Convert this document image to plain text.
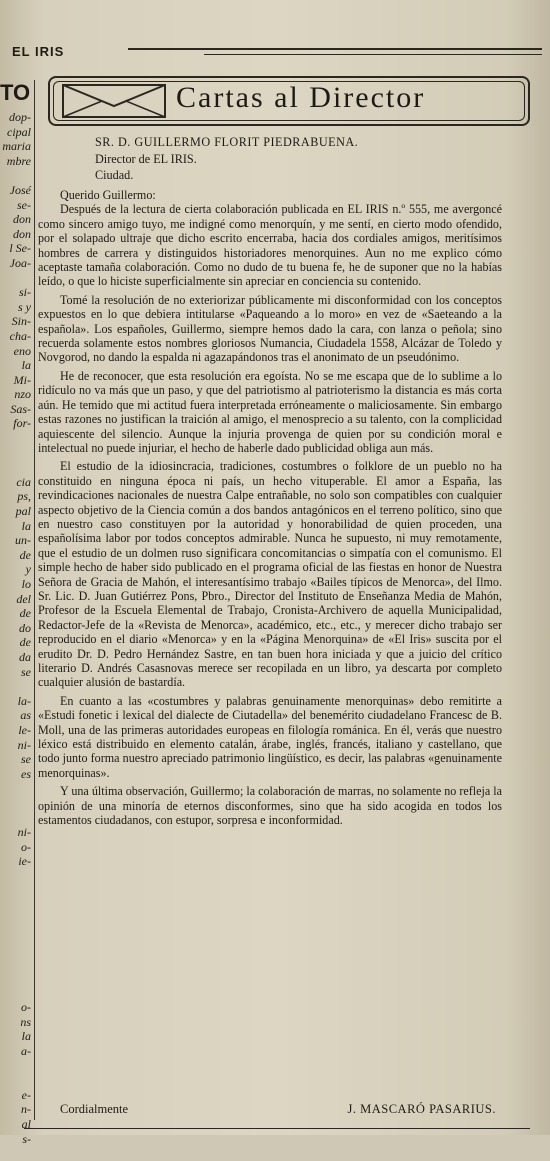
EL IRIS
TO
dop-
cipal
maria
mbre

José
se-
don
don
l Se-
Joa-

si-
s y
Sin-
cha-
eno
la
Mi-
nzo
Sas-
for-

cia
ps,
pal
la
un-
de
y
lo
del
de
do
de
da
se

la-
as
le-
ni-
se
es

ni-
o-
ie-

o-
ns
la
a-

e-
n-
al
s-

Cartas al Director
SR. D. GUILLERMO FLORIT PIEDRABUENA.
Director de EL IRIS.
Ciudad.
Querido Guillermo:

Después de la lectura de cierta colaboración publicada en EL IRIS n.º 555, me avergoncé como sincero amigo tuyo, me indigné como menorquín, y me sentí, en cierto modo ofendido, por el solapado ultraje que dicho escrito encerraba, hacia dos cordiales amigos, meritísimos hombres de carrera y distinguidos historiadores menorquines. Aun no me explico cómo aceptaste tamaña colaboración. Como no dudo de tu buena fe, he de suponer que no la habías leído, o que lo hiciste superficialmente sin apreciar en conciencia su contenido.

Tomé la resolución de no exteriorizar públicamente mi disconformidad con los conceptos expuestos en lo que debiera intitularse «Paqueando a lo moro» en vez de «Saeteando a la española». Los españoles, Guillermo, siempre hemos dado la cara, con lanza o peñola; sino recuerda solamente estos nombres gloriosos Numancia, Ciudadela 1558, Alcázar de Toledo y Novgorod, no dando la espalda ni agazapándonos tras el anonimato de un pseudónimo.

He de reconocer, que esta resolución era egoísta. No se me escapa que de lo sublime a lo ridículo no va más que un paso, y que del patriotismo al patrioterismo la distancia es más corta aún. He temido que mi actitud fuera interpretada erróneamente o maliciosamente. Sin embargo estas razones no justifican la traición al amigo, el menosprecio a su talento, con la complicidad aquiescente del silencio. Aunque la injuria provenga de quien por su condición moral e intelectual no puede injuriar, el hecho de haberle dado publicidad obliga aun más.

El estudio de la idiosincracia, tradiciones, costumbres o folklore de un pueblo no ha constituido en ninguna época ni país, un hecho vituperable. El amor a España, las revindicaciones nacionales de nuestra Calpe entrañable, no solo son compatibles con cualquier aspecto objetivo de la Ciencia común a dos bandos antagónicos en el terreno político, sino que en nuestro caso constituyen por la autoridad y honorabilidad de quien proceden, una españolísima labor por todos conceptos admirable. Nunca he supuesto, ni muy remotamente, que el estudio de un dolmen ruso significara concomitancias o simpatía con el comunismo. El simple hecho de haber sido publicado en el programa oficial de las fiestas en honor de Nuestra Señora de Gracia de Mahón, el interesantísimo trabajo «Bailes típicos de Menorca», del Ilmo. Sr. Lic. D. Juan Gutiérrez Pons, Pbro., Director del Instituto de Enseñanza Media de Mahón, Profesor de la Escuela Elemental de Trabajo, Cronista-Archivero de aquella Municipalidad, Redactor-Jefe de la «Revista de Menorca», académico, etc., etc., y merecer dicho trabajo ser reproducido en el diario «Menorca» y en la «Página Menorquina» de «El Iris» suscita por el erudito Dr. D. Pedro Hernández Sastre, en tan buen hora iniciada y que a juicio del crítico literario D. Andrés Casasnovas merece ser recopilada en un libro, ya descarta por completo cualquier alusión de bastardía.

En cuanto a las «costumbres y palabras genuinamente menorquinas» debo remitirte a «Estudi fonetic i lexical del dialecte de Ciutadella» del benemérito ciudadelano Francesc de B. Moll, una de las primeras autoridades europeas en filología románica. En él, verás que nuestro léxico está distribuido en elemento catalán, árabe, inglés, francés, italiano y castellano, que todo junto forma nuestro apreciado patrimonio lingüístico, es decir, las palabras «genuinamente menorquinas».

Y una última observación, Guillermo; la colaboración de marras, no solamente no refleja la opinión de una minoría de eternos disconformes, sino que ha sido acogida en todos los estamentos ciudadanos, con estupor, sorpresa e inconformidad.

Cordialmente	J. MASCARÓ PASARIUS.
